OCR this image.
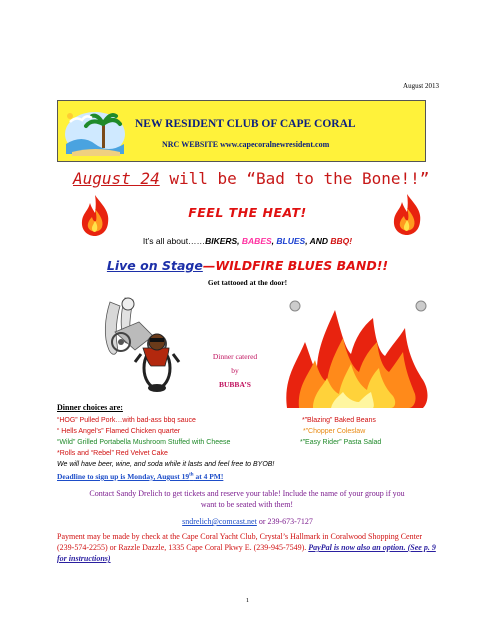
August 2013
NEW RESIDENT CLUB OF CAPE CORAL
NRC WEBSITE www.capecoralnewresident.com
August 24 will be “Bad to the Bone!!”
FEEL THE HEAT!
It’s all about……BIKERS, BABES, BLUES, AND BBQ!
Live on Stage—WILDFIRE BLUES BAND!!
Get tattooed at the door!
Dinner catered
by
BUBBA’S
Dinner choices are:
“HOG” Pulled Pork…with bad-ass bbq sauce	*”Blazing” Baked Beans
“ Hells Angel’s” Flamed Chicken quarter	*”Chopper Coleslaw
“Wild” Grilled Portabella Mushroom Stuffed with Cheese	*”Easy Rider” Pasta Salad
*Rolls and “Rebel” Red Velvet Cake
We will have beer, wine, and soda while it lasts and feel free to BYOB!
Deadline to sign up is Monday, August 19th at 4 PM!
Contact Sandy Drelich to get tickets and reserve your table! Include the name of your group if you want to be seated with them!
sndrelich@comcast.net or 239-673-7127
Payment may be made by check at the Cape Coral Yacht Club, Crystal’s Hallmark in Coralwood Shopping Center (239-574-2255) or Razzle Dazzle, 1335 Cape Coral Pkwy E. (239-945-7549). PayPal is now also an option. (See p. 9 for instructions)
1
